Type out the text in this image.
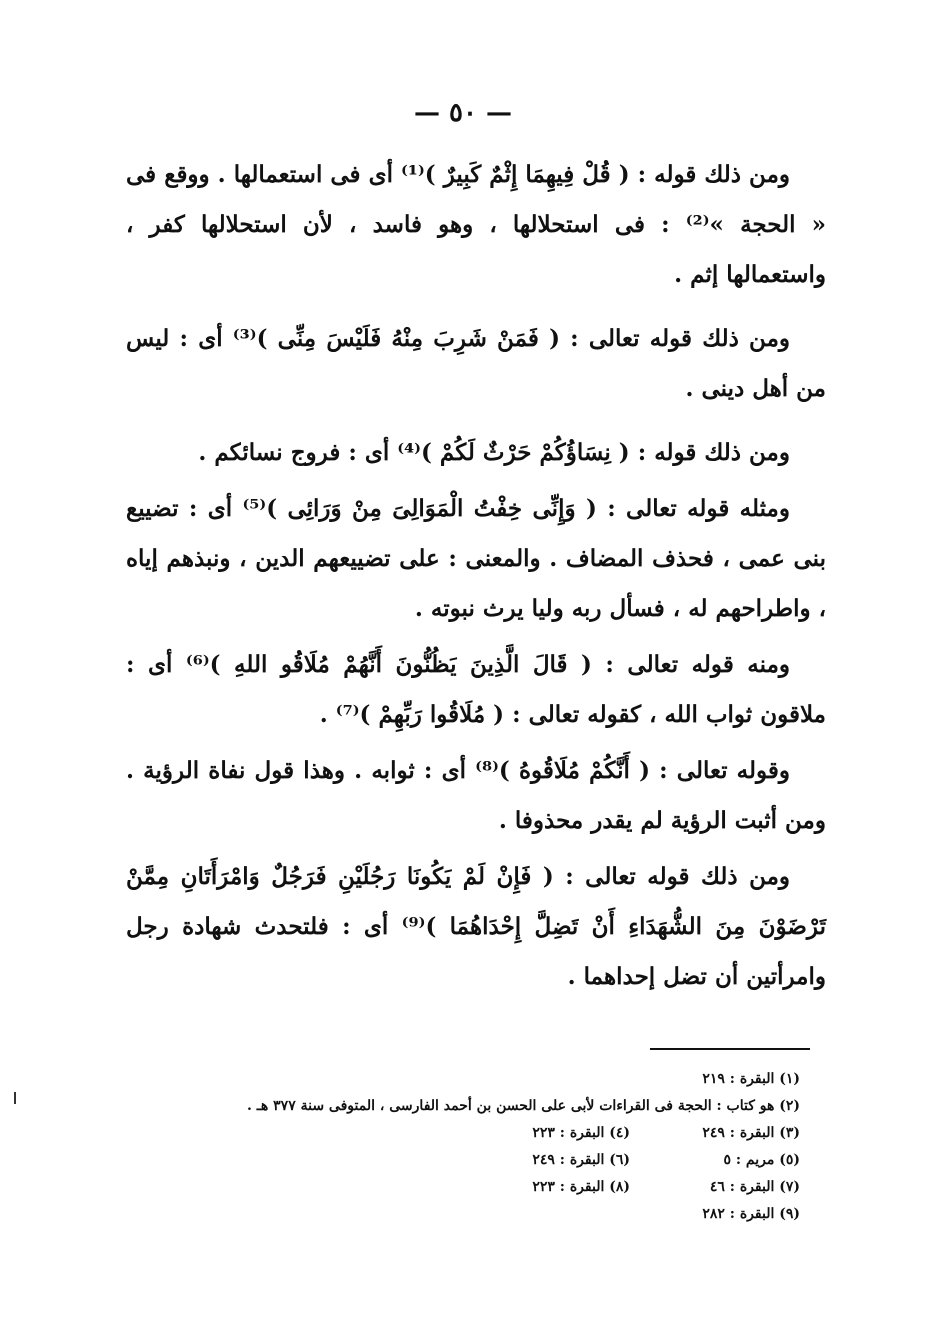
— ٥٠ —

ومن ذلك قوله : ( قُلْ فِيهِمَا إِثْمٌ كَبِيرٌ )⁽¹⁾ أى فى استعمالها . ووقع فى « الحجة »⁽²⁾ : فى استحلالها ، وهو فاسد ، لأن استحلالها كفر ، واستعمالها إثم .

ومن ذلك قوله تعالى : ( فَمَنْ شَرِبَ مِنْهُ فَلَيْسَ مِنِّى )⁽³⁾ أى : ليس من أهل دينى .

ومن ذلك قوله : ( نِسَاؤُكُمْ حَرْثٌ لَكُمْ )⁽⁴⁾ أى : فروج نسائكم .

ومثله قوله تعالى : ( وَإِنِّى خِفْتُ الْمَوَالِىَ مِنْ وَرَائِى )⁽⁵⁾ أى : تضييع بنى عمى ، فحذف المضاف . والمعنى : على تضييعهم الدين ، ونبذهم إياه ، واطراحهم له ، فسأل ربه وليا يرث نبوته .

ومنه قوله تعالى : ( قَالَ الَّذِينَ يَظُنُّونَ أَنَّهُمْ مُلَاقُو اللهِ )⁽⁶⁾ أى : ملاقون ثواب الله ، كقوله تعالى : ( مُلَاقُوا رَبِّهِمْ )⁽⁷⁾ .

وقوله تعالى : ( أَنَّكُمْ مُلَاقُوهُ )⁽⁸⁾ أى : ثوابه . وهذا قول نفاة الرؤية . ومن أثبت الرؤية لم يقدر محذوفا .

ومن ذلك قوله تعالى : ( فَإِنْ لَمْ يَكُونَا رَجُلَيْنِ فَرَجُلٌ وَامْرَأَتَانِ مِمَّنْ تَرْضَوْنَ مِنَ الشُّهَدَاءِ أَنْ تَضِلَّ إِحْدَاهُمَا )⁽⁹⁾ أى : فلتحدث شهادة رجل وامرأتين أن تضل إحداهما .

(١) البقرة : ٢١٩
(٢) هو كتاب : الحجة فى القراءات لأبى على الحسن بن أحمد الفارسى ، المتوفى سنة ٣٧٧ هـ .
(٣) البقرة : ٢٤٩
(٤) البقرة : ٢٢٣
(٥) مريم : ٥
(٦) البقرة : ٢٤٩
(٧) البقرة : ٤٦
(٨) البقرة : ٢٢٣
(٩) البقرة : ٢٨٢
